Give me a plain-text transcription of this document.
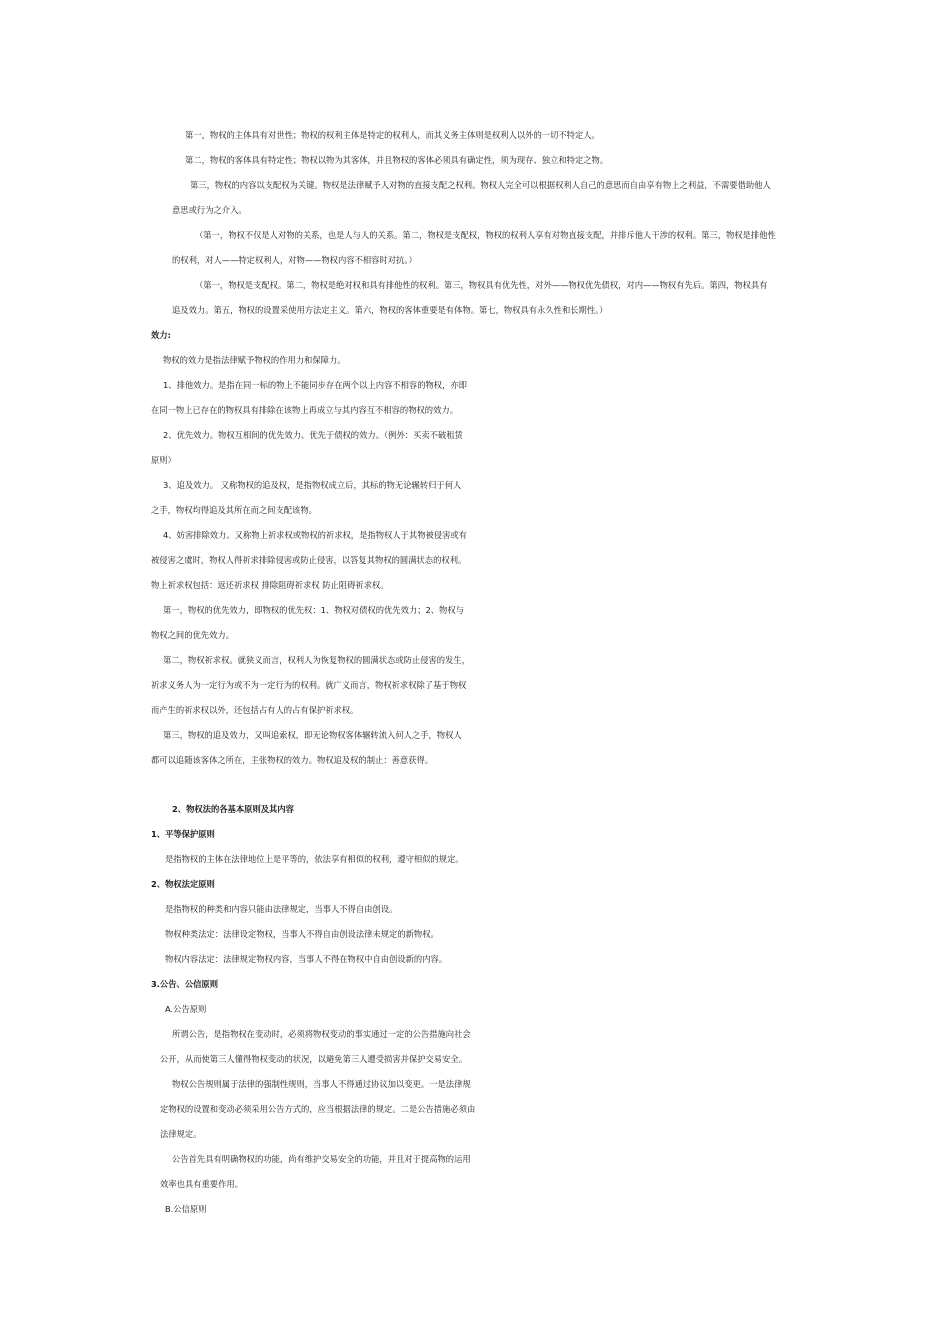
第一，物权的主体具有对世性；物权的权利主体是特定的权利人，而其义务主体则是权利人以外的一切不特定人。
第二，物权的客体具有特定性；物权以物为其客体，并且物权的客体必须具有确定性，须为现存、独立和特定之物。
第三，物权的内容以支配权为关键。物权是法律赋予人对物的直接支配之权利。物权人完全可以根据权利人自己的意思而自由享有物上之利益，不需要借助他人
意思或行为之介入。
（第一，物权不仅是人对物的关系，也是人与人的关系。第二，物权是支配权，物权的权利人享有对物直接支配，并排斥他人干涉的权利。第三，物权是排他性
的权利，对人——特定权利人，对物——物权内容不相容时对抗。）
（第一，物权是支配权。第二，物权是绝对权和具有排他性的权利。第三，物权具有优先性，对外——物权优先债权，对内——物权有先后。第四，物权具有
追及效力。第五，物权的设置采使用方法定主义。第六，物权的客体重要是有体物。第七，物权具有永久性和长期性。）
效力:
物权的效力是指法律赋予物权的作用力和保障力。
1、排他效力。是指在同一标的物上不能同步存在两个以上内容不相容的物权，亦即
在同一物上已存在的物权具有排除在该物上再成立与其内容互不相容的物权的效力。
2、优先效力。物权互相间的优先效力、优先于债权的效力。（例外：买卖不破租赁
原则）
3、追及效力。 又称物权的追及权，是指物权成立后，其标的物无论辗转归于何人
之手，物权均得追及其所在而之间支配该物。
4、妨害排除效力。又称物上祈求权或物权的祈求权，是指物权人于其物被侵害或有
被侵害之虞时，物权人得祈求排除侵害或防止侵害，以答复其物权的圆满状态的权利。
物上祈求权包括：返还祈求权 排除阻碍祈求权 防止阻碍祈求权。
第一，物权的优先效力，即物权的优先权：1、物权对债权的优先效力；2、物权与
物权之间的优先效力。
第二，物权祈求权。就狭义而言，权利人为恢复物权的圆满状态或防止侵害的发生，
祈求义务人为一定行为或不为一定行为的权利。就广义而言，物权祈求权除了基于物权
而产生的祈求权以外，还包括占有人的占有保护祈求权。
第三，物权的追及效力，又叫追索权，即无论物权客体辗转流入何人之手，物权人
都可以追随该客体之所在，主张物权的效力。物权追及权的制止：善意获得。
2、物权法的各基本原则及其内容
1、平等保护原则
是指物权的主体在法律地位上是平等的，依法享有相似的权利，遵守相似的规定。
2、物权法定原则
是指物权的种类和内容只能由法律规定，当事人不得自由创设。
物权种类法定：法律设定物权，当事人不得自由创设法律未规定的新物权。
物权内容法定：法律规定物权内容，当事人不得在物权中自由创设新的内容。
3.公告、公信原则
A.公告原则
所谓公告，是指物权在变动时，必须将物权变动的事实通过一定的公告措施向社会
公开，从而使第三人懂得物权变动的状况，以避免第三人遭受损害并保护交易安全。
物权公告规则属于法律的强制性规则，当事人不得通过协议加以变更。一是法律规
定物权的设置和变动必须采用公告方式的，应当根据法律的规定。二是公告措施必须由
法律规定。
公告首先具有明确物权的功能，尚有维护交易安全的功能，并且对于提高物的运用
效率也具有重要作用。
B.公信原则
